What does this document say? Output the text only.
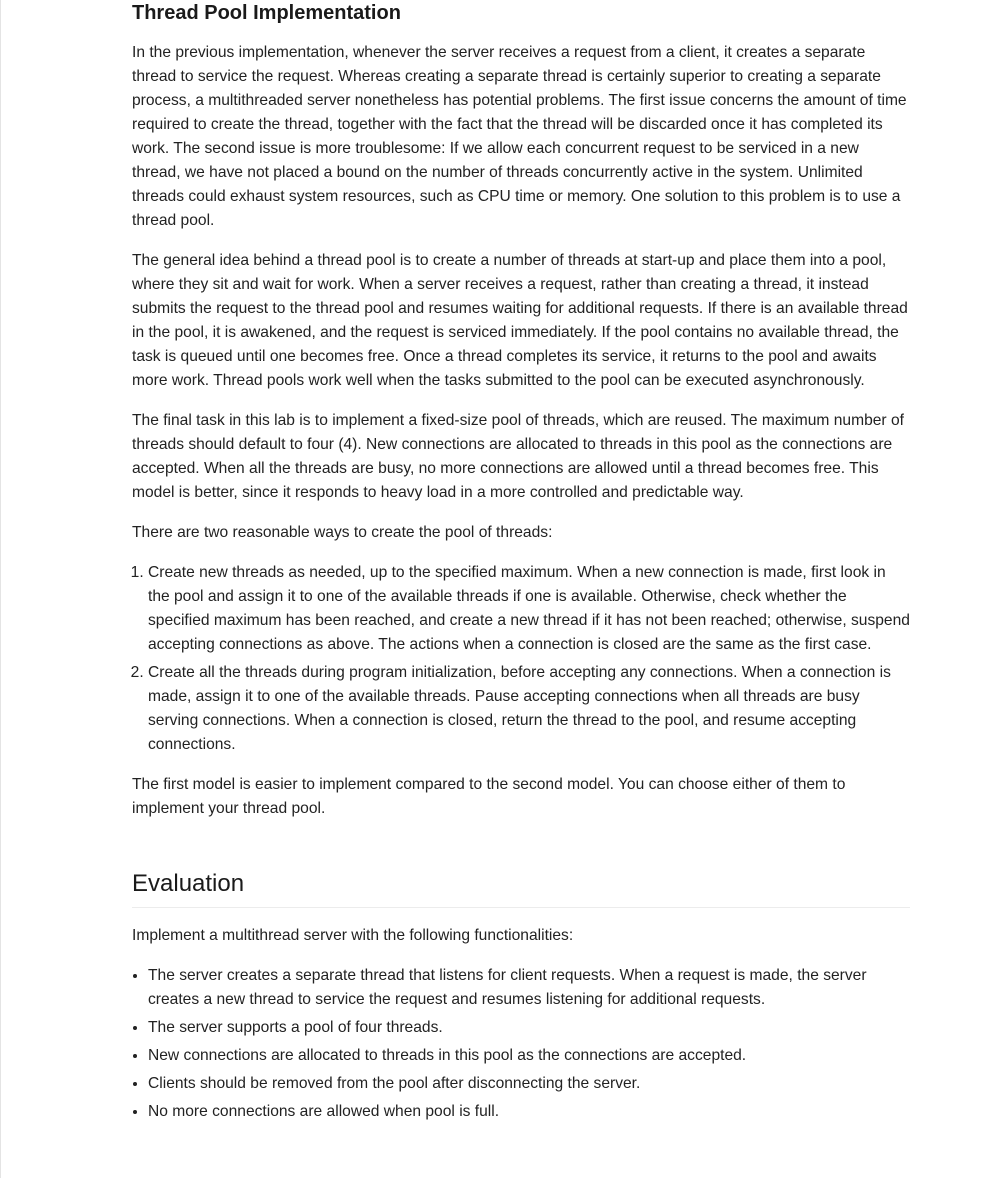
Thread Pool Implementation

In the previous implementation, whenever the server receives a request from a client, it creates a separate thread to service the request. Whereas creating a separate thread is certainly superior to creating a separate process, a multithreaded server nonetheless has potential problems. The first issue concerns the amount of time required to create the thread, together with the fact that the thread will be discarded once it has completed its work. The second issue is more troublesome: If we allow each concurrent request to be serviced in a new thread, we have not placed a bound on the number of threads concurrently active in the system. Unlimited threads could exhaust system resources, such as CPU time or memory. One solution to this problem is to use a thread pool.

The general idea behind a thread pool is to create a number of threads at start-up and place them into a pool, where they sit and wait for work. When a server receives a request, rather than creating a thread, it instead submits the request to the thread pool and resumes waiting for additional requests. If there is an available thread in the pool, it is awakened, and the request is serviced immediately. If the pool contains no available thread, the task is queued until one becomes free. Once a thread completes its service, it returns to the pool and awaits more work. Thread pools work well when the tasks submitted to the pool can be executed asynchronously.

The final task in this lab is to implement a fixed-size pool of threads, which are reused. The maximum number of threads should default to four (4). New connections are allocated to threads in this pool as the connections are accepted. When all the threads are busy, no more connections are allowed until a thread becomes free. This model is better, since it responds to heavy load in a more controlled and predictable way.

There are two reasonable ways to create the pool of threads:

1. Create new threads as needed, up to the specified maximum. When a new connection is made, first look in the pool and assign it to one of the available threads if one is available. Otherwise, check whether the specified maximum has been reached, and create a new thread if it has not been reached; otherwise, suspend accepting connections as above. The actions when a connection is closed are the same as the first case.
2. Create all the threads during program initialization, before accepting any connections. When a connection is made, assign it to one of the available threads. Pause accepting connections when all threads are busy serving connections. When a connection is closed, return the thread to the pool, and resume accepting connections.

The first model is easier to implement compared to the second model. You can choose either of them to implement your thread pool.

Evaluation

Implement a multithread server with the following functionalities:

• The server creates a separate thread that listens for client requests. When a request is made, the server creates a new thread to service the request and resumes listening for additional requests.
• The server supports a pool of four threads.
• New connections are allocated to threads in this pool as the connections are accepted.
• Clients should be removed from the pool after disconnecting the server.
• No more connections are allowed when pool is full.
